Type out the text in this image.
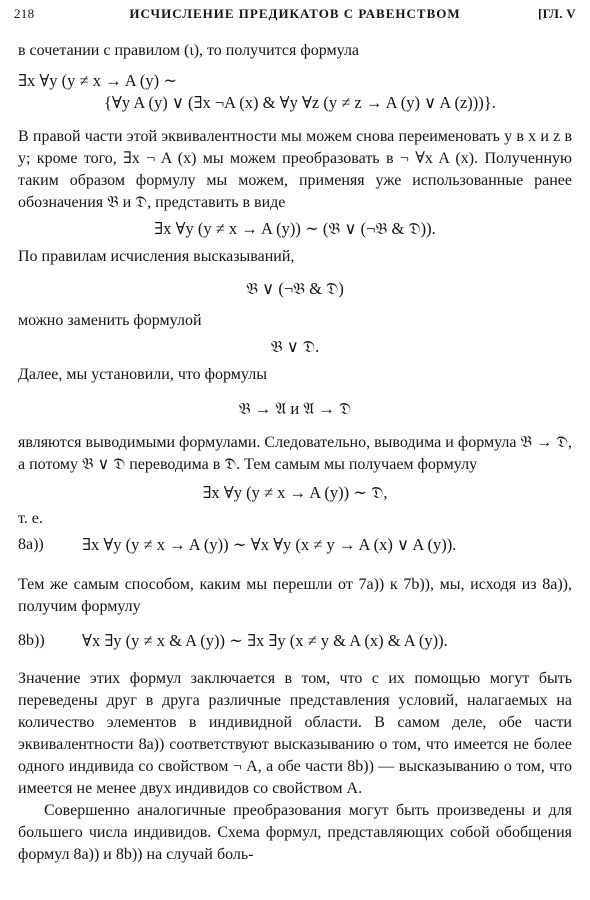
218	ИСЧИСЛЕНИЕ ПРЕДИКАТОВ С РАВЕНСТВОМ	[ГЛ. V

в сочетании с правилом (ι), то получится формула

∃x ∀y (y ≠ x → A (y) ∼

{∀y A (y) ∨ (∃x ¬A (x) & ∀y ∀z (y ≠ z → A (y) ∨ A (z)))}.

В правой части этой эквивалентности мы можем снова переименовать y в x и z в y; кроме того, ∃x ¬ A (x) мы можем преобразовать в ¬ ∀x A (x). Полученную таким образом формулу мы можем, применяя уже использованные ранее обозначения 𝔅 и 𝔇, представить в виде

∃x ∀y (y ≠ x → A (y)) ∼ (𝔅 ∨ (¬𝔅 & 𝔇)).

По правилам исчисления высказываний,

𝔅 ∨ (¬𝔅 & 𝔇)

можно заменить формулой

𝔅 ∨ 𝔇.

Далее, мы установили, что формулы

𝔅 → 𝔄 и 𝔄 → 𝔇

являются выводимыми формулами. Следовательно, выводима и формула 𝔅 → 𝔇, а потому 𝔅 ∨ 𝔇 переводима в 𝔇. Тем самым мы получаем формулу

∃x ∀y (y ≠ x → A (y)) ∼ 𝔇,

т. е.

8a)) ∃x ∀y (y ≠ x → A (y)) ∼ ∀x ∀y (x ≠ y → A (x) ∨ A (y)).

Тем же самым способом, каким мы перешли от 7a)) к 7b)), мы, исходя из 8a)), получим формулу

8b)) ∀x ∃y (y ≠ x & A (y)) ∼ ∃x ∃y (x ≠ y & A (x) & A (y)).

Значение этих формул заключается в том, что с их помощью могут быть переведены друг в друга различные представления условий, налагаемых на количество элементов в индивидной области. В самом деле, обе части эквивалентности 8a)) соответствуют высказыванию о том, что имеется не более одного индивида со свойством ¬ A, а обе части 8b)) — высказыванию о том, что имеется не менее двух индивидов со свойством A.

Совершенно аналогичные преобразования могут быть произведены и для большего числа индивидов. Схема формул, представляющих собой обобщения формул 8a)) и 8b)) на случай боль-
